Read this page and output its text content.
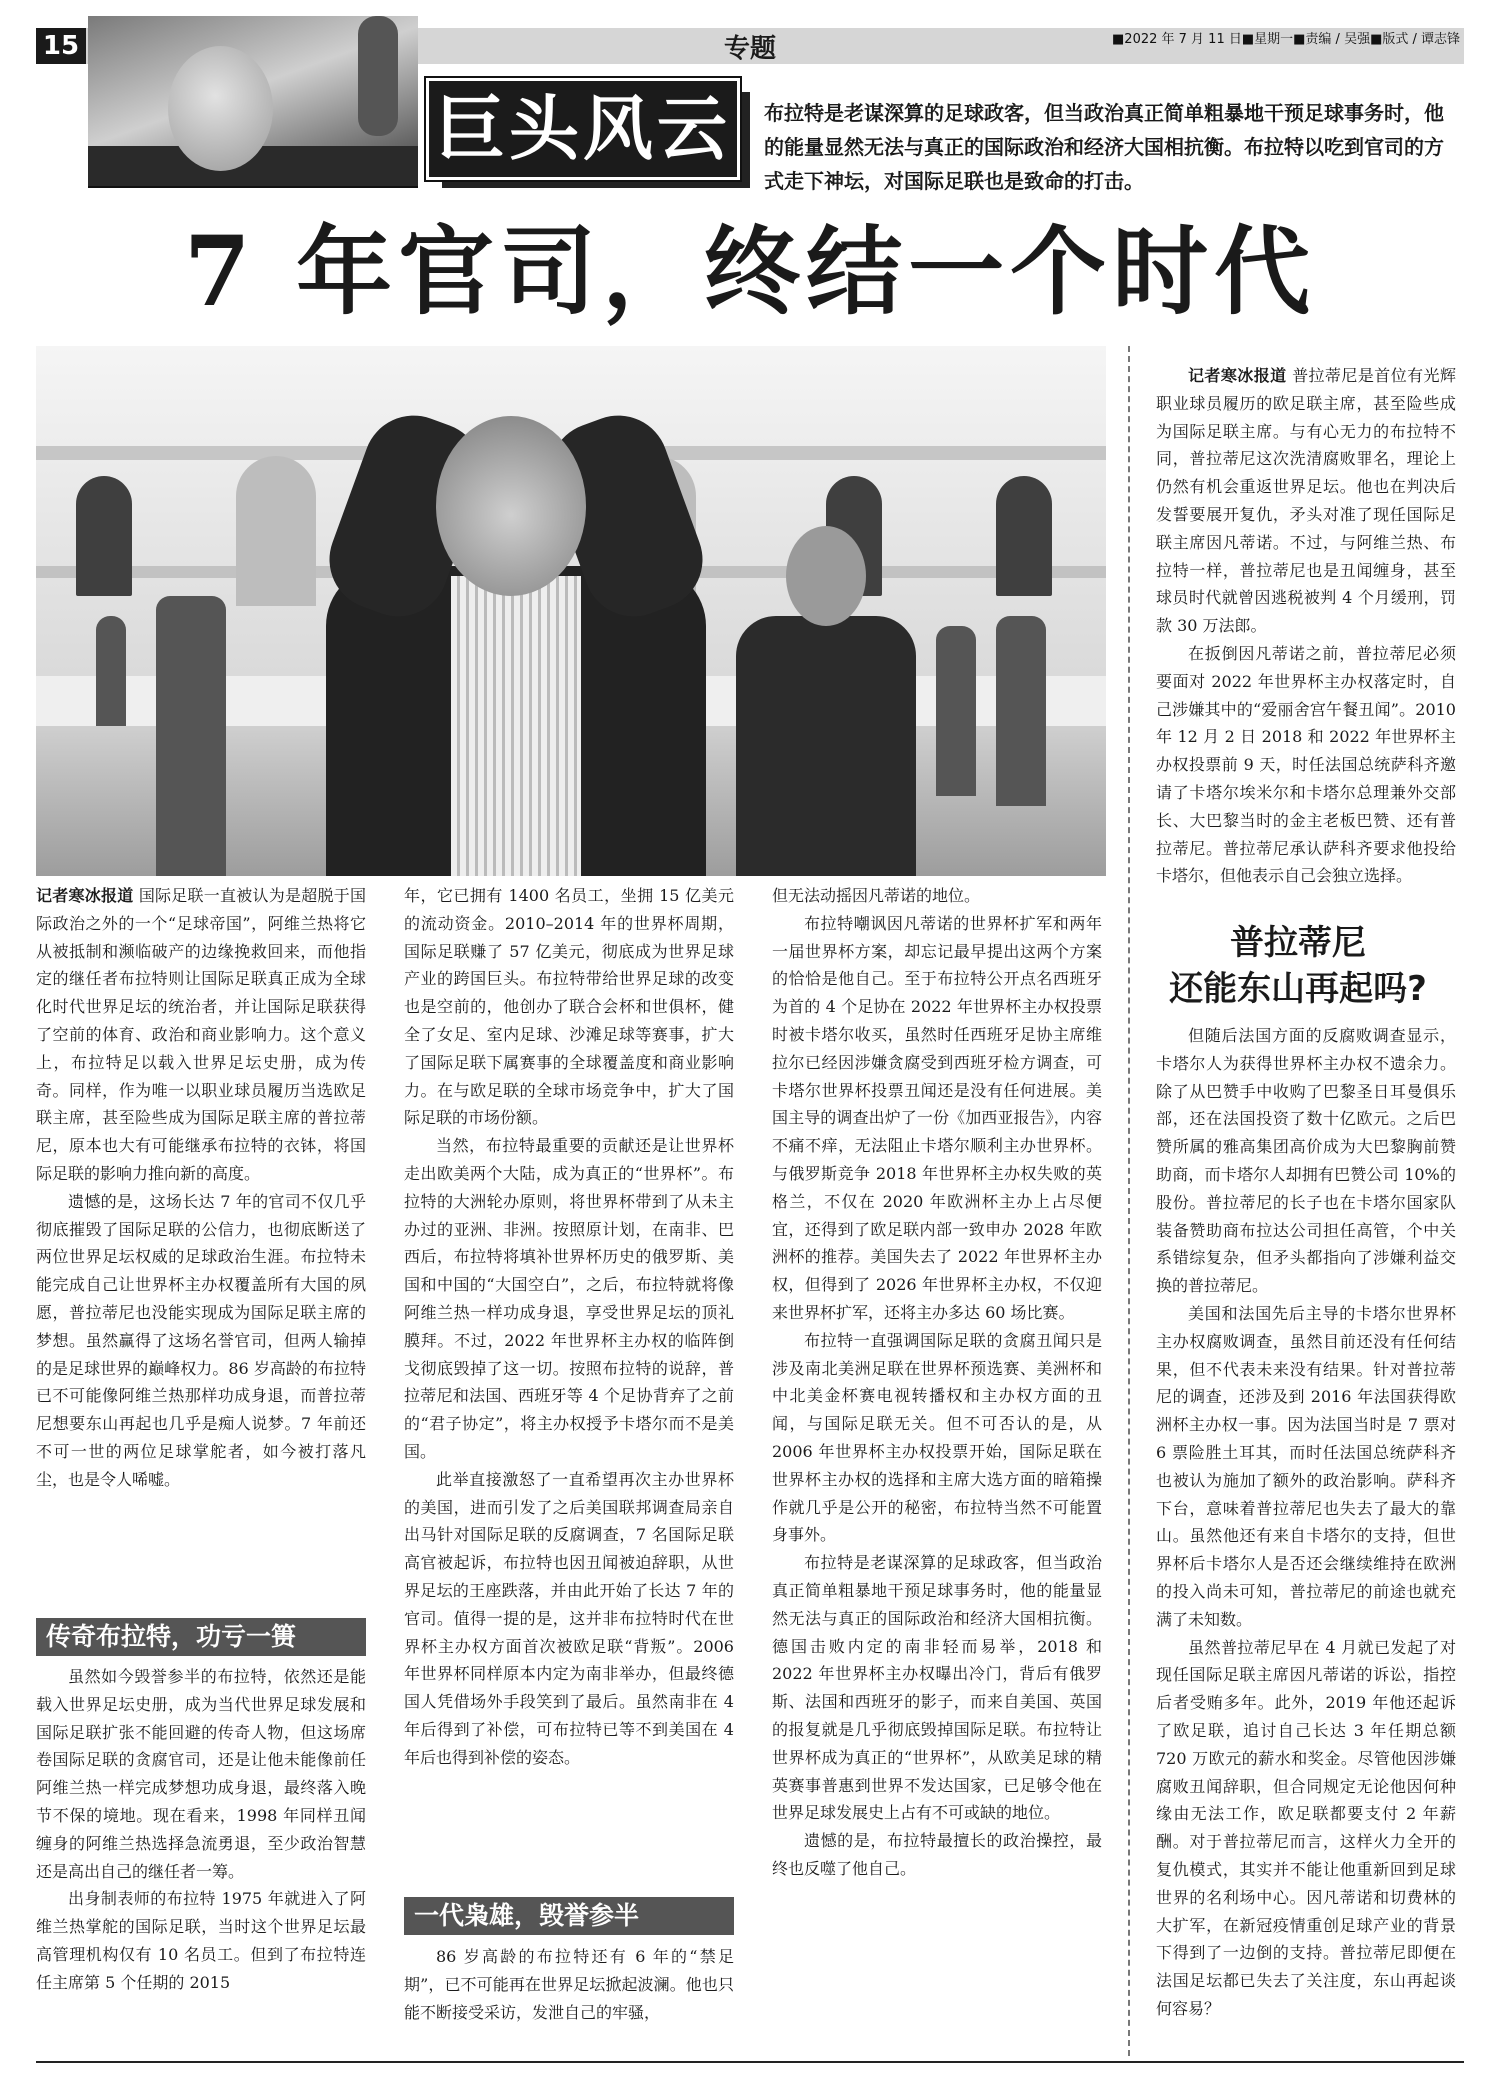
15	专题	■2022 年 7 月 11 日■星期一■责编 / 吴强■版式 / 谭志锋
巨头风云	布拉特是老谋深算的足球政客，但当政治真正简单粗暴地干预足球事务时，他的能量显然无法与真正的国际政治和经济大国相抗衡。布拉特以吃到官司的方式走下神坛，对国际足联也是致命的打击。
7 年官司，终结一个时代

记者寒冰报道 国际足联一直被认为是超脱于国际政治之外的一个“足球帝国”，阿维兰热将它从被抵制和濒临破产的边缘挽救回来，而他指定的继任者布拉特则让国际足联真正成为全球化时代世界足坛的统治者，并让国际足联获得了空前的体育、政治和商业影响力。这个意义上，布拉特足以载入世界足坛史册，成为传奇。同样，作为唯一以职业球员履历当选欧足联主席，甚至险些成为国际足联主席的普拉蒂尼，原本也大有可能继承布拉特的衣钵，将国际足联的影响力推向新的高度。

遗憾的是，这场长达 7 年的官司不仅几乎彻底摧毁了国际足联的公信力，也彻底断送了两位世界足坛权威的足球政治生涯。布拉特未能完成自己让世界杯主办权覆盖所有大国的夙愿，普拉蒂尼也没能实现成为国际足联主席的梦想。虽然赢得了这场名誉官司，但两人输掉的是足球世界的巅峰权力。86 岁高龄的布拉特已不可能像阿维兰热那样功成身退，而普拉蒂尼想要东山再起也几乎是痴人说梦。7 年前还不可一世的两位足球掌舵者，如今被打落凡尘，也是令人唏嘘。

传奇布拉特，功亏一篑

虽然如今毁誉参半的布拉特，依然还是能载入世界足坛史册，成为当代世界足球发展和国际足联扩张不能回避的传奇人物，但这场席卷国际足联的贪腐官司，还是让他未能像前任阿维兰热一样完成梦想功成身退，最终落入晚节不保的境地。现在看来，1998 年同样丑闻缠身的阿维兰热选择急流勇退，至少政治智慧还是高出自己的继任者一筹。

出身制表师的布拉特 1975 年就进入了阿维兰热掌舵的国际足联，当时这个世界足坛最高管理机构仅有 10 名员工。但到了布拉特连任主席第 5 个任期的 2015

年，它已拥有 1400 名员工，坐拥 15 亿美元的流动资金。2010–2014 年的世界杯周期，国际足联赚了 57 亿美元，彻底成为世界足球产业的跨国巨头。布拉特带给世界足球的改变也是空前的，他创办了联合会杯和世俱杯，健全了女足、室内足球、沙滩足球等赛事，扩大了国际足联下属赛事的全球覆盖度和商业影响力。在与欧足联的全球市场竞争中，扩大了国际足联的市场份额。

当然，布拉特最重要的贡献还是让世界杯走出欧美两个大陆，成为真正的“世界杯”。布拉特的大洲轮办原则，将世界杯带到了从未主办过的亚洲、非洲。按照原计划，在南非、巴西后，布拉特将填补世界杯历史的俄罗斯、美国和中国的“大国空白”，之后，布拉特就将像阿维兰热一样功成身退，享受世界足坛的顶礼膜拜。不过，2022 年世界杯主办权的临阵倒戈彻底毁掉了这一切。按照布拉特的说辞，普拉蒂尼和法国、西班牙等 4 个足协背弃了之前的“君子协定”，将主办权授予卡塔尔而不是美国。

此举直接激怒了一直希望再次主办世界杯的美国，进而引发了之后美国联邦调查局亲自出马针对国际足联的反腐调查，7 名国际足联高官被起诉，布拉特也因丑闻被迫辞职，从世界足坛的王座跌落，并由此开始了长达 7 年的官司。值得一提的是，这并非布拉特时代在世界杯主办权方面首次被欧足联“背叛”。2006 年世界杯同样原本内定为南非举办，但最终德国人凭借场外手段笑到了最后。虽然南非在 4 年后得到了补偿，可布拉特已等不到美国在 4 年后也得到补偿的姿态。

一代枭雄，毁誉参半

86 岁高龄的布拉特还有 6 年的“禁足期”，已不可能再在世界足坛掀起波澜。他也只能不断接受采访，发泄自己的牢骚，

但无法动摇因凡蒂诺的地位。

布拉特嘲讽因凡蒂诺的世界杯扩军和两年一届世界杯方案，却忘记最早提出这两个方案的恰恰是他自己。至于布拉特公开点名西班牙为首的 4 个足协在 2022 年世界杯主办权投票时被卡塔尔收买，虽然时任西班牙足协主席维拉尔已经因涉嫌贪腐受到西班牙检方调查，可卡塔尔世界杯投票丑闻还是没有任何进展。美国主导的调查出炉了一份《加西亚报告》，内容不痛不痒，无法阻止卡塔尔顺利主办世界杯。与俄罗斯竞争 2018 年世界杯主办权失败的英格兰，不仅在 2020 年欧洲杯主办上占尽便宜，还得到了欧足联内部一致申办 2028 年欧洲杯的推荐。美国失去了 2022 年世界杯主办权，但得到了 2026 年世界杯主办权，不仅迎来世界杯扩军，还将主办多达 60 场比赛。

布拉特一直强调国际足联的贪腐丑闻只是涉及南北美洲足联在世界杯预选赛、美洲杯和中北美金杯赛电视转播权和主办权方面的丑闻，与国际足联无关。但不可否认的是，从 2006 年世界杯主办权投票开始，国际足联在世界杯主办权的选择和主席大选方面的暗箱操作就几乎是公开的秘密，布拉特当然不可能置身事外。

布拉特是老谋深算的足球政客，但当政治真正简单粗暴地干预足球事务时，他的能量显然无法与真正的国际政治和经济大国相抗衡。德国击败内定的南非轻而易举，2018 和 2022 年世界杯主办权曝出冷门，背后有俄罗斯、法国和西班牙的影子，而来自美国、英国的报复就是几乎彻底毁掉国际足联。布拉特让世界杯成为真正的“世界杯”，从欧美足球的精英赛事普惠到世界不发达国家，已足够令他在世界足球发展史上占有不可或缺的地位。

遗憾的是，布拉特最擅长的政治操控，最终也反噬了他自己。

记者寒冰报道 普拉蒂尼是首位有光辉职业球员履历的欧足联主席，甚至险些成为国际足联主席。与有心无力的布拉特不同，普拉蒂尼这次洗清腐败罪名，理论上仍然有机会重返世界足坛。他也在判决后发誓要展开复仇，矛头对准了现任国际足联主席因凡蒂诺。不过，与阿维兰热、布拉特一样，普拉蒂尼也是丑闻缠身，甚至球员时代就曾因逃税被判 4 个月缓刑，罚款 30 万法郎。

在扳倒因凡蒂诺之前，普拉蒂尼必须要面对 2022 年世界杯主办权落定时，自己涉嫌其中的“爱丽舍宫午餐丑闻”。2010 年 12 月 2 日 2018 和 2022 年世界杯主办权投票前 9 天，时任法国总统萨科齐邀请了卡塔尔埃米尔和卡塔尔总理兼外交部长、大巴黎当时的金主老板巴赞、还有普拉蒂尼。普拉蒂尼承认萨科齐要求他投给卡塔尔，但他表示自己会独立选择。

普拉蒂尼
还能东山再起吗?

但随后法国方面的反腐败调查显示，卡塔尔人为获得世界杯主办权不遗余力。除了从巴赞手中收购了巴黎圣日耳曼俱乐部，还在法国投资了数十亿欧元。之后巴赞所属的雅高集团高价成为大巴黎胸前赞助商，而卡塔尔人却拥有巴赞公司 10%的股份。普拉蒂尼的长子也在卡塔尔国家队装备赞助商布拉达公司担任高管，个中关系错综复杂，但矛头都指向了涉嫌利益交换的普拉蒂尼。

美国和法国先后主导的卡塔尔世界杯主办权腐败调查，虽然目前还没有任何结果，但不代表未来没有结果。针对普拉蒂尼的调查，还涉及到 2016 年法国获得欧洲杯主办权一事。因为法国当时是 7 票对 6 票险胜土耳其，而时任法国总统萨科齐也被认为施加了额外的政治影响。萨科齐下台，意味着普拉蒂尼也失去了最大的靠山。虽然他还有来自卡塔尔的支持，但世界杯后卡塔尔人是否还会继续维持在欧洲的投入尚未可知，普拉蒂尼的前途也就充满了未知数。

虽然普拉蒂尼早在 4 月就已发起了对现任国际足联主席因凡蒂诺的诉讼，指控后者受贿多年。此外，2019 年他还起诉了欧足联，追讨自己长达 3 年任期总额 720 万欧元的薪水和奖金。尽管他因涉嫌腐败丑闻辞职，但合同规定无论他因何种缘由无法工作，欧足联都要支付 2 年薪酬。对于普拉蒂尼而言，这样火力全开的复仇模式，其实并不能让他重新回到足球世界的名利场中心。因凡蒂诺和切费林的大扩军，在新冠疫情重创足球产业的背景下得到了一边倒的支持。普拉蒂尼即便在法国足坛都已失去了关注度，东山再起谈何容易？
